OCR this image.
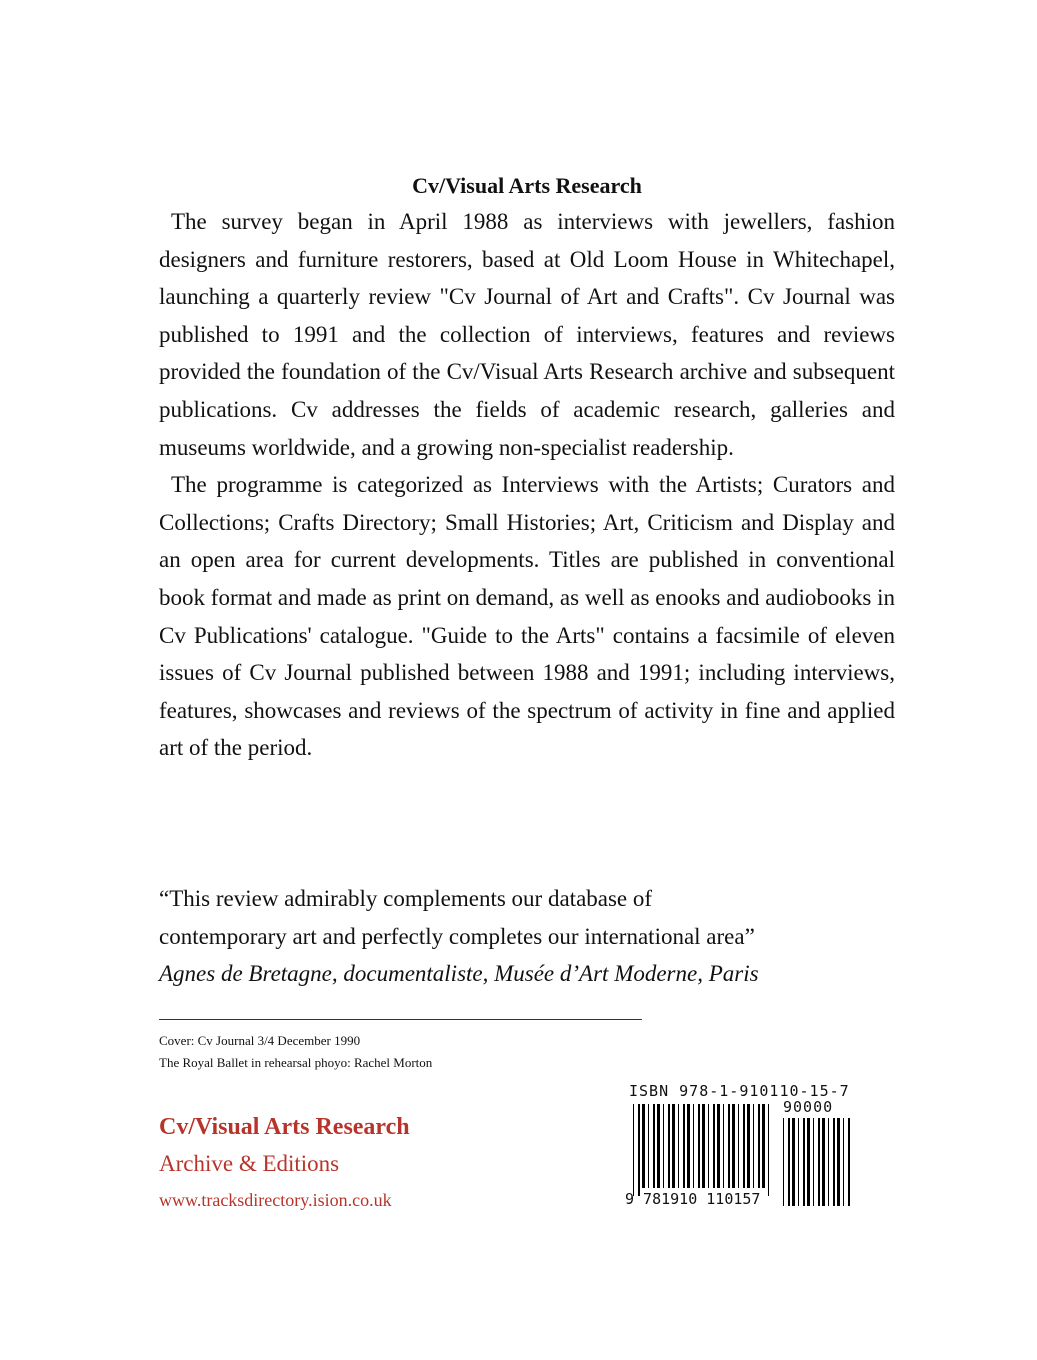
Cv/Visual Arts Research

The survey began in April 1988 as interviews with jewellers, fashion designers and furniture restorers, based at Old Loom House in Whitechapel, launching a quarterly review "Cv Journal of Art and Crafts". Cv Journal was published to 1991 and the collection of interviews, features and reviews provided the foundation of the Cv/Visual Arts Research archive and subsequent publications. Cv addresses the fields of academic research, galleries and museums worldwide, and a growing non-specialist readership.

The programme is categorized as Interviews with the Artists; Curators and Collections; Crafts Directory; Small Histories; Art, Criticism and Display and an open area for current developments. Titles are published in conventional book format and made as print on demand, as well as enooks and audiobooks in Cv Publications' catalogue. "Guide to the Arts" contains a facsimile of eleven issues of Cv Journal published between 1988 and 1991; including interviews, features, showcases and reviews of the spectrum of activity in fine and applied art of the period.

“This review admirably complements our database of
contemporary art and perfectly completes our international area”
Agnes de Bretagne, documentaliste, Musée d’Art Moderne, Paris
Cover: Cv Journal 3/4 December 1990
The Royal Ballet in rehearsal phoyo: Rachel Morton
Cv/Visual Arts Research
Archive & Editions
www.tracksdirectory.ision.co.uk
ISBN 978-1-910110-15-7
90000
9 781910 110157
